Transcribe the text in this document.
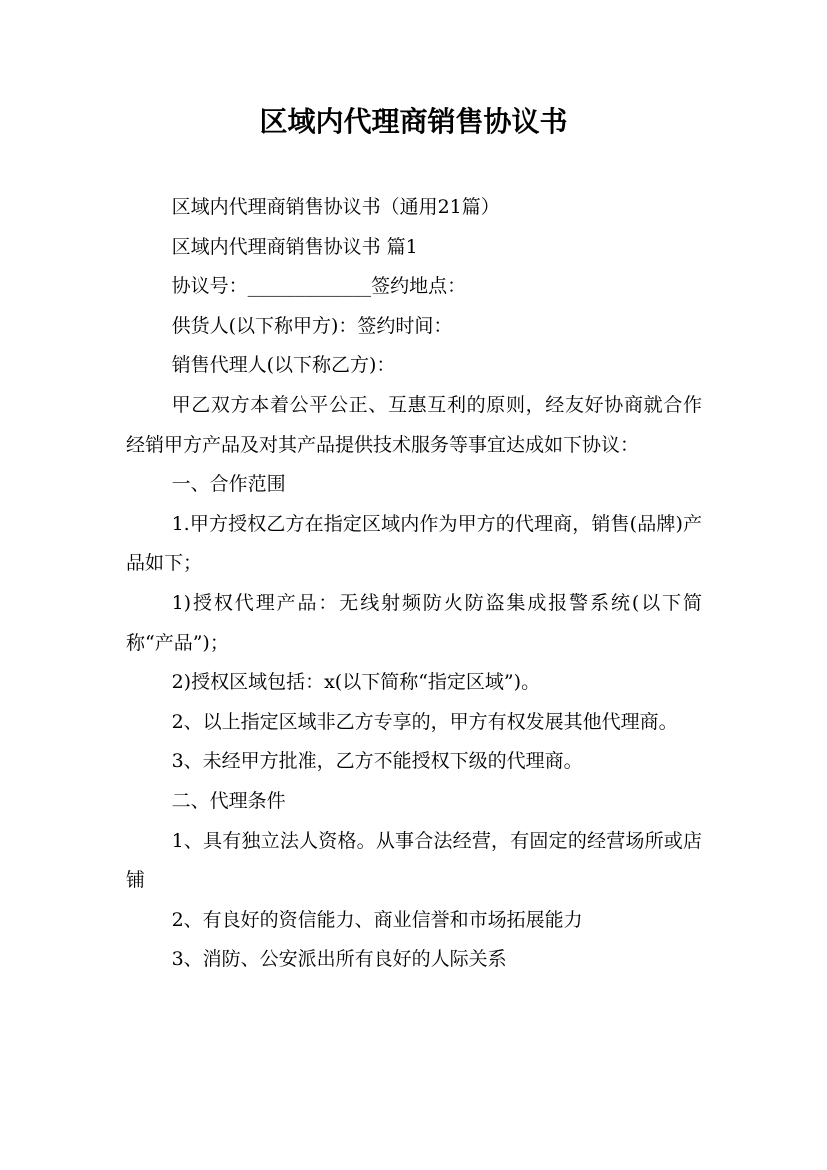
区域内代理商销售协议书

区域内代理商销售协议书（通用21篇）

区域内代理商销售协议书 篇1

协议号：_____________签约地点：

供货人(以下称甲方)：签约时间：

销售代理人(以下称乙方)：

甲乙双方本着公平公正、互惠互利的原则，经友好协商就合作经销甲方产品及对其产品提供技术服务等事宜达成如下协议：

一、合作范围

1.甲方授权乙方在指定区域内作为甲方的代理商，销售(品牌)产品如下；

1)授权代理产品：无线射频防火防盗集成报警系统(以下简称“产品”)；

2)授权区域包括：x(以下简称“指定区域”)。

2、以上指定区域非乙方专享的，甲方有权发展其他代理商。

3、未经甲方批准，乙方不能授权下级的代理商。

二、代理条件

1、具有独立法人资格。从事合法经营，有固定的经营场所或店铺

2、有良好的资信能力、商业信誉和市场拓展能力

3、消防、公安派出所有良好的人际关系
